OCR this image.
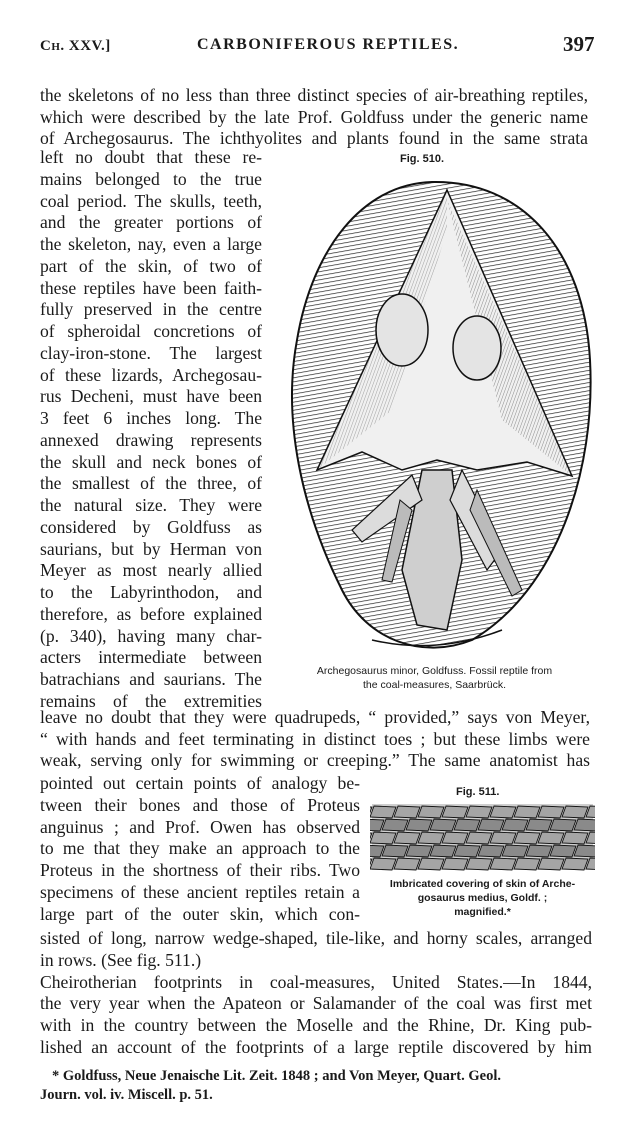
Ch. XXV.]	CARBONIFEROUS REPTILES.	397
the skeletons of no less than three distinct species of air-breathing reptiles,
which were described by the late Prof. Goldfuss under the generic name
of Archegosaurus. The ichthyolites and plants found in the same strata
left no doubt that these re-
mains belonged to the true
coal period. The skulls, teeth,
and the greater portions of
the skeleton, nay, even a large
part of the skin, of two of
these reptiles have been faith-
fully preserved in the centre
of spheroidal concretions of
clay-iron-stone. The largest
of these lizards, Archegosau-
rus Decheni, must have been
3 feet 6 inches long. The
annexed drawing represents
the skull and neck bones of
the smallest of the three, of
the natural size. They were
considered by Goldfuss as
saurians, but by Herman von
Meyer as most nearly allied
to the Labyrinthodon, and
therefore, as before explained
(p. 340), having many char-
acters intermediate between
batrachians and saurians. The
remains of the extremities
Fig. 510.
Archegosaurus minor, Goldfuss. Fossil reptile from
the coal-measures, Saarbrück.
leave no doubt that they were quadrupeds, “ provided,” says von Meyer,
“ with hands and feet terminating in distinct toes ; but these limbs were
weak, serving only for swimming or creeping.” The same anatomist has
pointed out certain points of analogy be-
tween their bones and those of Proteus
anguinus ; and Prof. Owen has observed
to me that they make an approach to the
Proteus in the shortness of their ribs. Two
specimens of these ancient reptiles retain a
large part of the outer skin, which con-
Fig. 511.
Imbricated covering of skin of Arche-
gosaurus medius, Goldf. ;
magnified.*
sisted of long, narrow wedge-shaped, tile-like, and horny scales, arranged
in rows. (See fig. 511.)
Cheirotherian footprints in coal-measures, United States.—In 1844,
the very year when the Apateon or Salamander of the coal was first met
with in the country between the Moselle and the Rhine, Dr. King pub-
lished an account of the footprints of a large reptile discovered by him
* Goldfuss, Neue Jenaische Lit. Zeit. 1848 ; and Von Meyer, Quart. Geol.
Journ. vol. iv. Miscell. p. 51.
